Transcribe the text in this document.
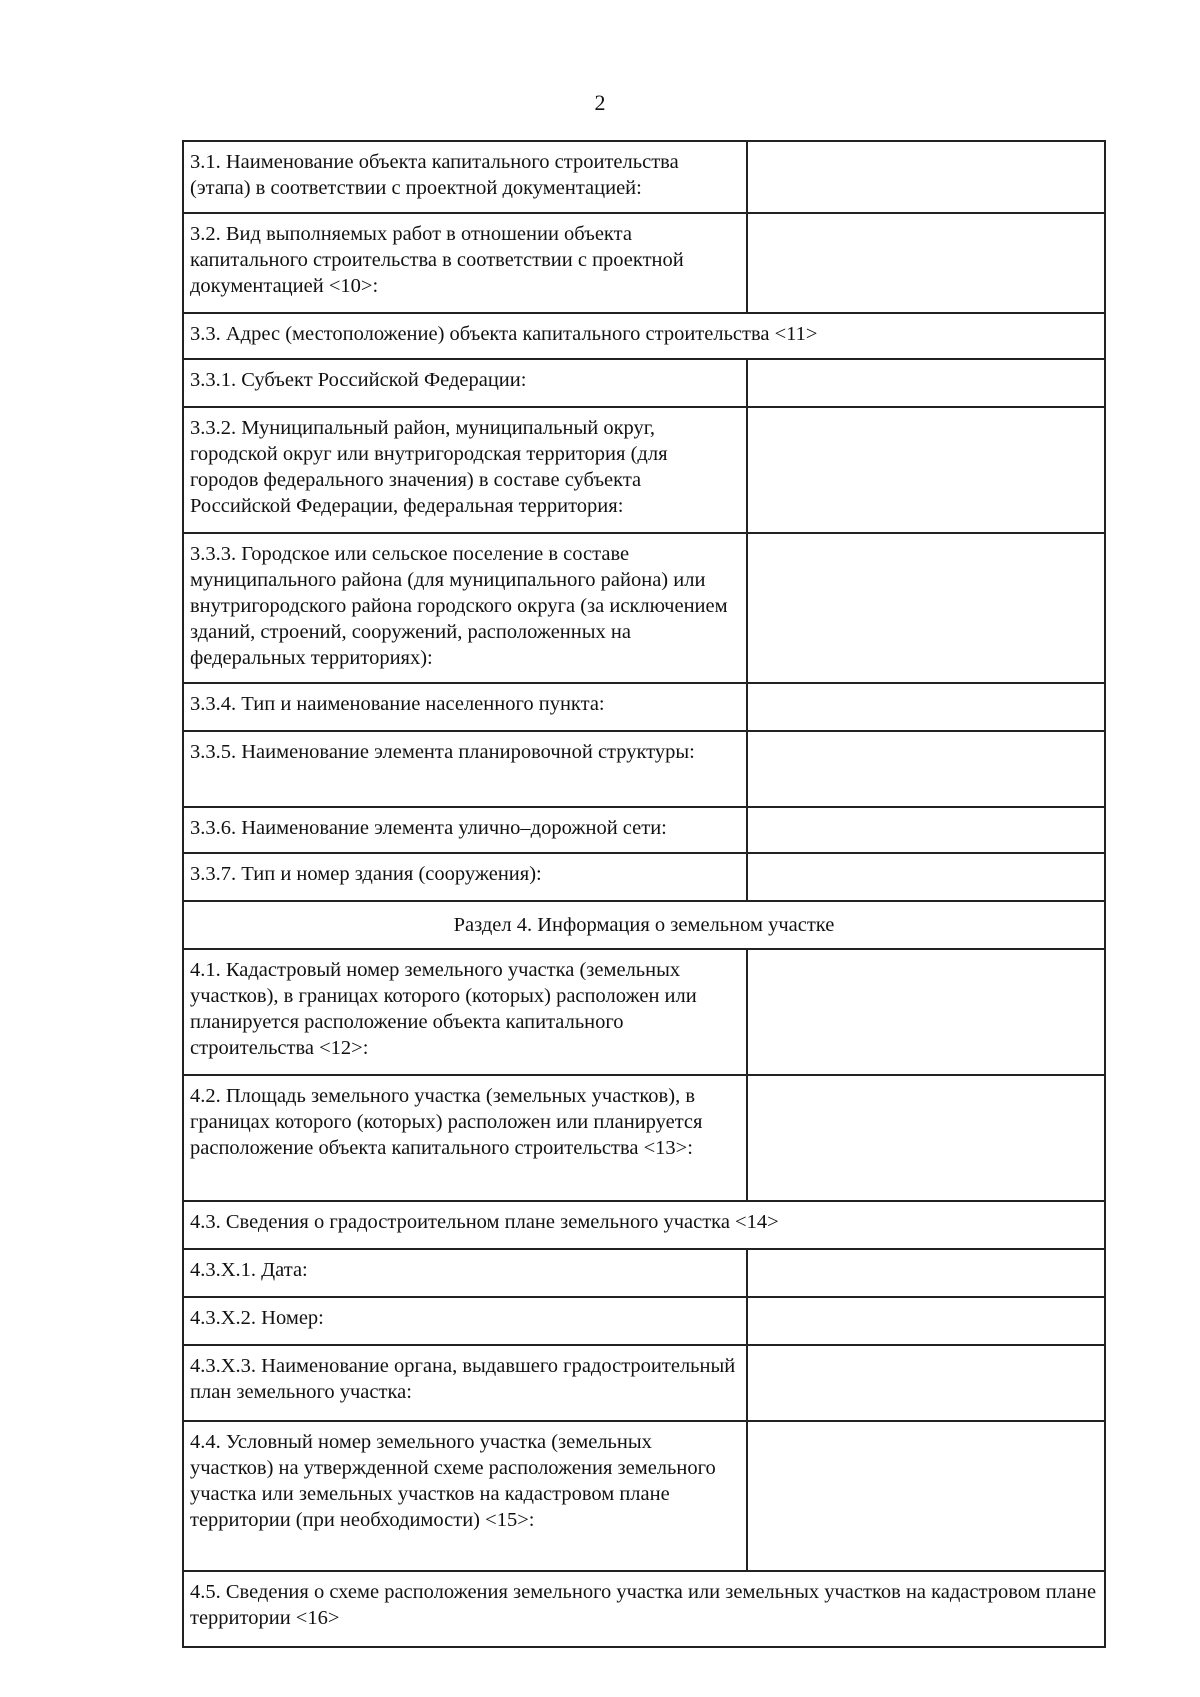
2
3.1. Наименование объекта капитального строительства (этапа) в соответствии с проектной документацией:	
3.2. Вид выполняемых работ в отношении объекта капитального строительства в соответствии с проектной документацией <10>:	
3.3. Адрес (местоположение) объекта капитального строительства <11>	
3.3.1. Субъект Российской Федерации:	
3.3.2. Муниципальный район, муниципальный округ, городской округ или внутригородская территория (для городов федерального значения) в составе субъекта Российской Федерации, федеральная территория:	
3.3.3. Городское или сельское поселение в составе муниципального района (для муниципального района) или внутригородского района городского округа (за исключением зданий, строений, сооружений, расположенных на федеральных территориях):	
3.3.4. Тип и наименование населенного пункта:	
3.3.5. Наименование элемента планировочной структуры:	
3.3.6. Наименование элемента улично–дорожной сети:	
3.3.7. Тип и номер здания (сооружения):	
Раздел 4. Информация о земельном участке	
4.1. Кадастровый номер земельного участка (земельных участков), в границах которого (которых) расположен или планируется расположение объекта капитального строительства <12>:	
4.2. Площадь земельного участка (земельных участков), в границах которого (которых) расположен или планируется расположение объекта капитального строительства <13>:	
4.3. Сведения о градостроительном плане земельного участка <14>	
4.3.Х.1. Дата:	
4.3.Х.2. Номер:	
4.3.Х.3. Наименование органа, выдавшего градостроительный план земельного участка:	
4.4. Условный номер земельного участка (земельных участков) на утвержденной схеме расположения земельного участка или земельных участков на кадастровом плане территории (при необходимости) <15>:	
4.5. Сведения о схеме расположения земельного участка или земельных участков на кадастровом плане территории <16>	
